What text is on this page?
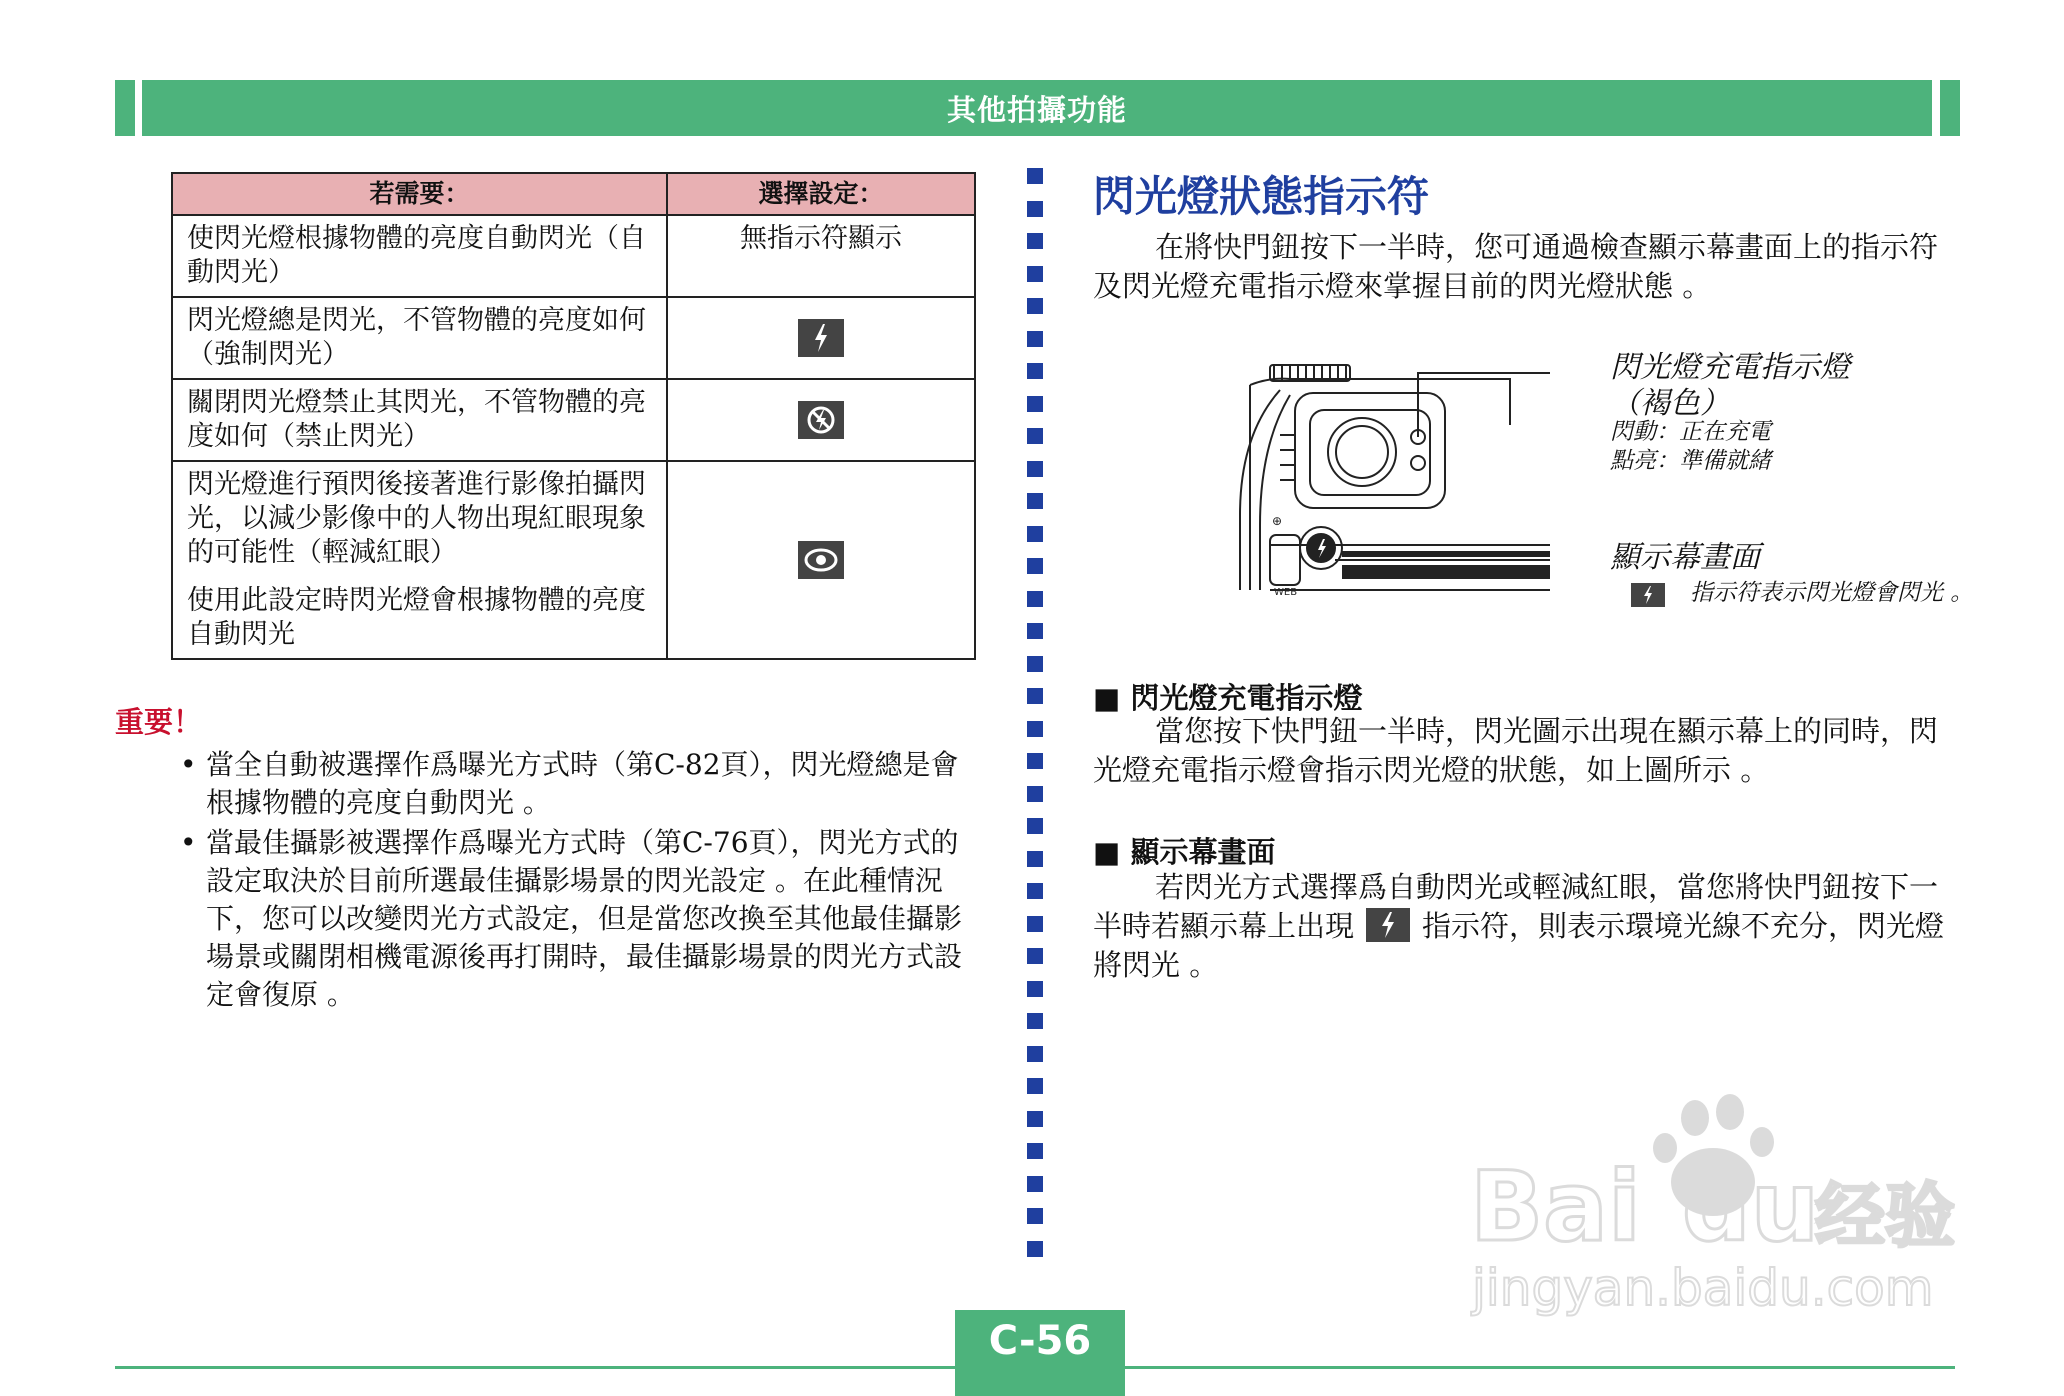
其他拍攝功能
若需要：	選擇設定：
使閃光燈根據物體的亮度自動閃光（自動閃光）	無指示符顯示
閃光燈總是閃光，不管物體的亮度如何（強制閃光）	

關閉閃光燈禁止其閃光，不管物體的亮度如何（禁止閃光）	

閃光燈進行預閃後接著進行影像拍攝閃光，以減少影像中的人物出現紅眼現象的可能性（輕減紅眼）
使用此設定時閃光燈會根據物體的亮度自動閃光

重要！
• 當全自動被選擇作爲曝光方式時（第C-82頁），閃光燈總是會根據物體的亮度自動閃光 。
• 當最佳攝影被選擇作爲曝光方式時（第C-76頁），閃光方式的設定取決於目前所選最佳攝影場景的閃光設定 。在此種情況下，您可以改變閃光方式設定，但是當您改換至其他最佳攝影場景或關閉相機電源後再打開時，最佳攝影場景的閃光方式設定會復原 。
閃光燈狀態指示符

在將快門鈕按下一半時，您可通過檢查顯示幕畫面上的指示符及閃光燈充電指示燈來掌握目前的閃光燈狀態 。

⊕
WEB
閃光燈充電指示燈
（褐色）
閃動：正在充電
點亮：準備就緒
顯示幕畫面
指示符表示閃光燈會閃光 。
■ 閃光燈充電指示燈

當您按下快門鈕一半時，閃光圖示出現在顯示幕上的同時，閃光燈充電指示燈會指示閃光燈的狀態，如上圖所示 。

■ 顯示幕畫面

若閃光方式選擇爲自動閃光或輕減紅眼，當您將快門鈕按下一半時若顯示幕上出現 指示符，則表示環境光線不充分，閃光燈將閃光 。

Bai du
经验
jingyan.baidu.com
C-56
